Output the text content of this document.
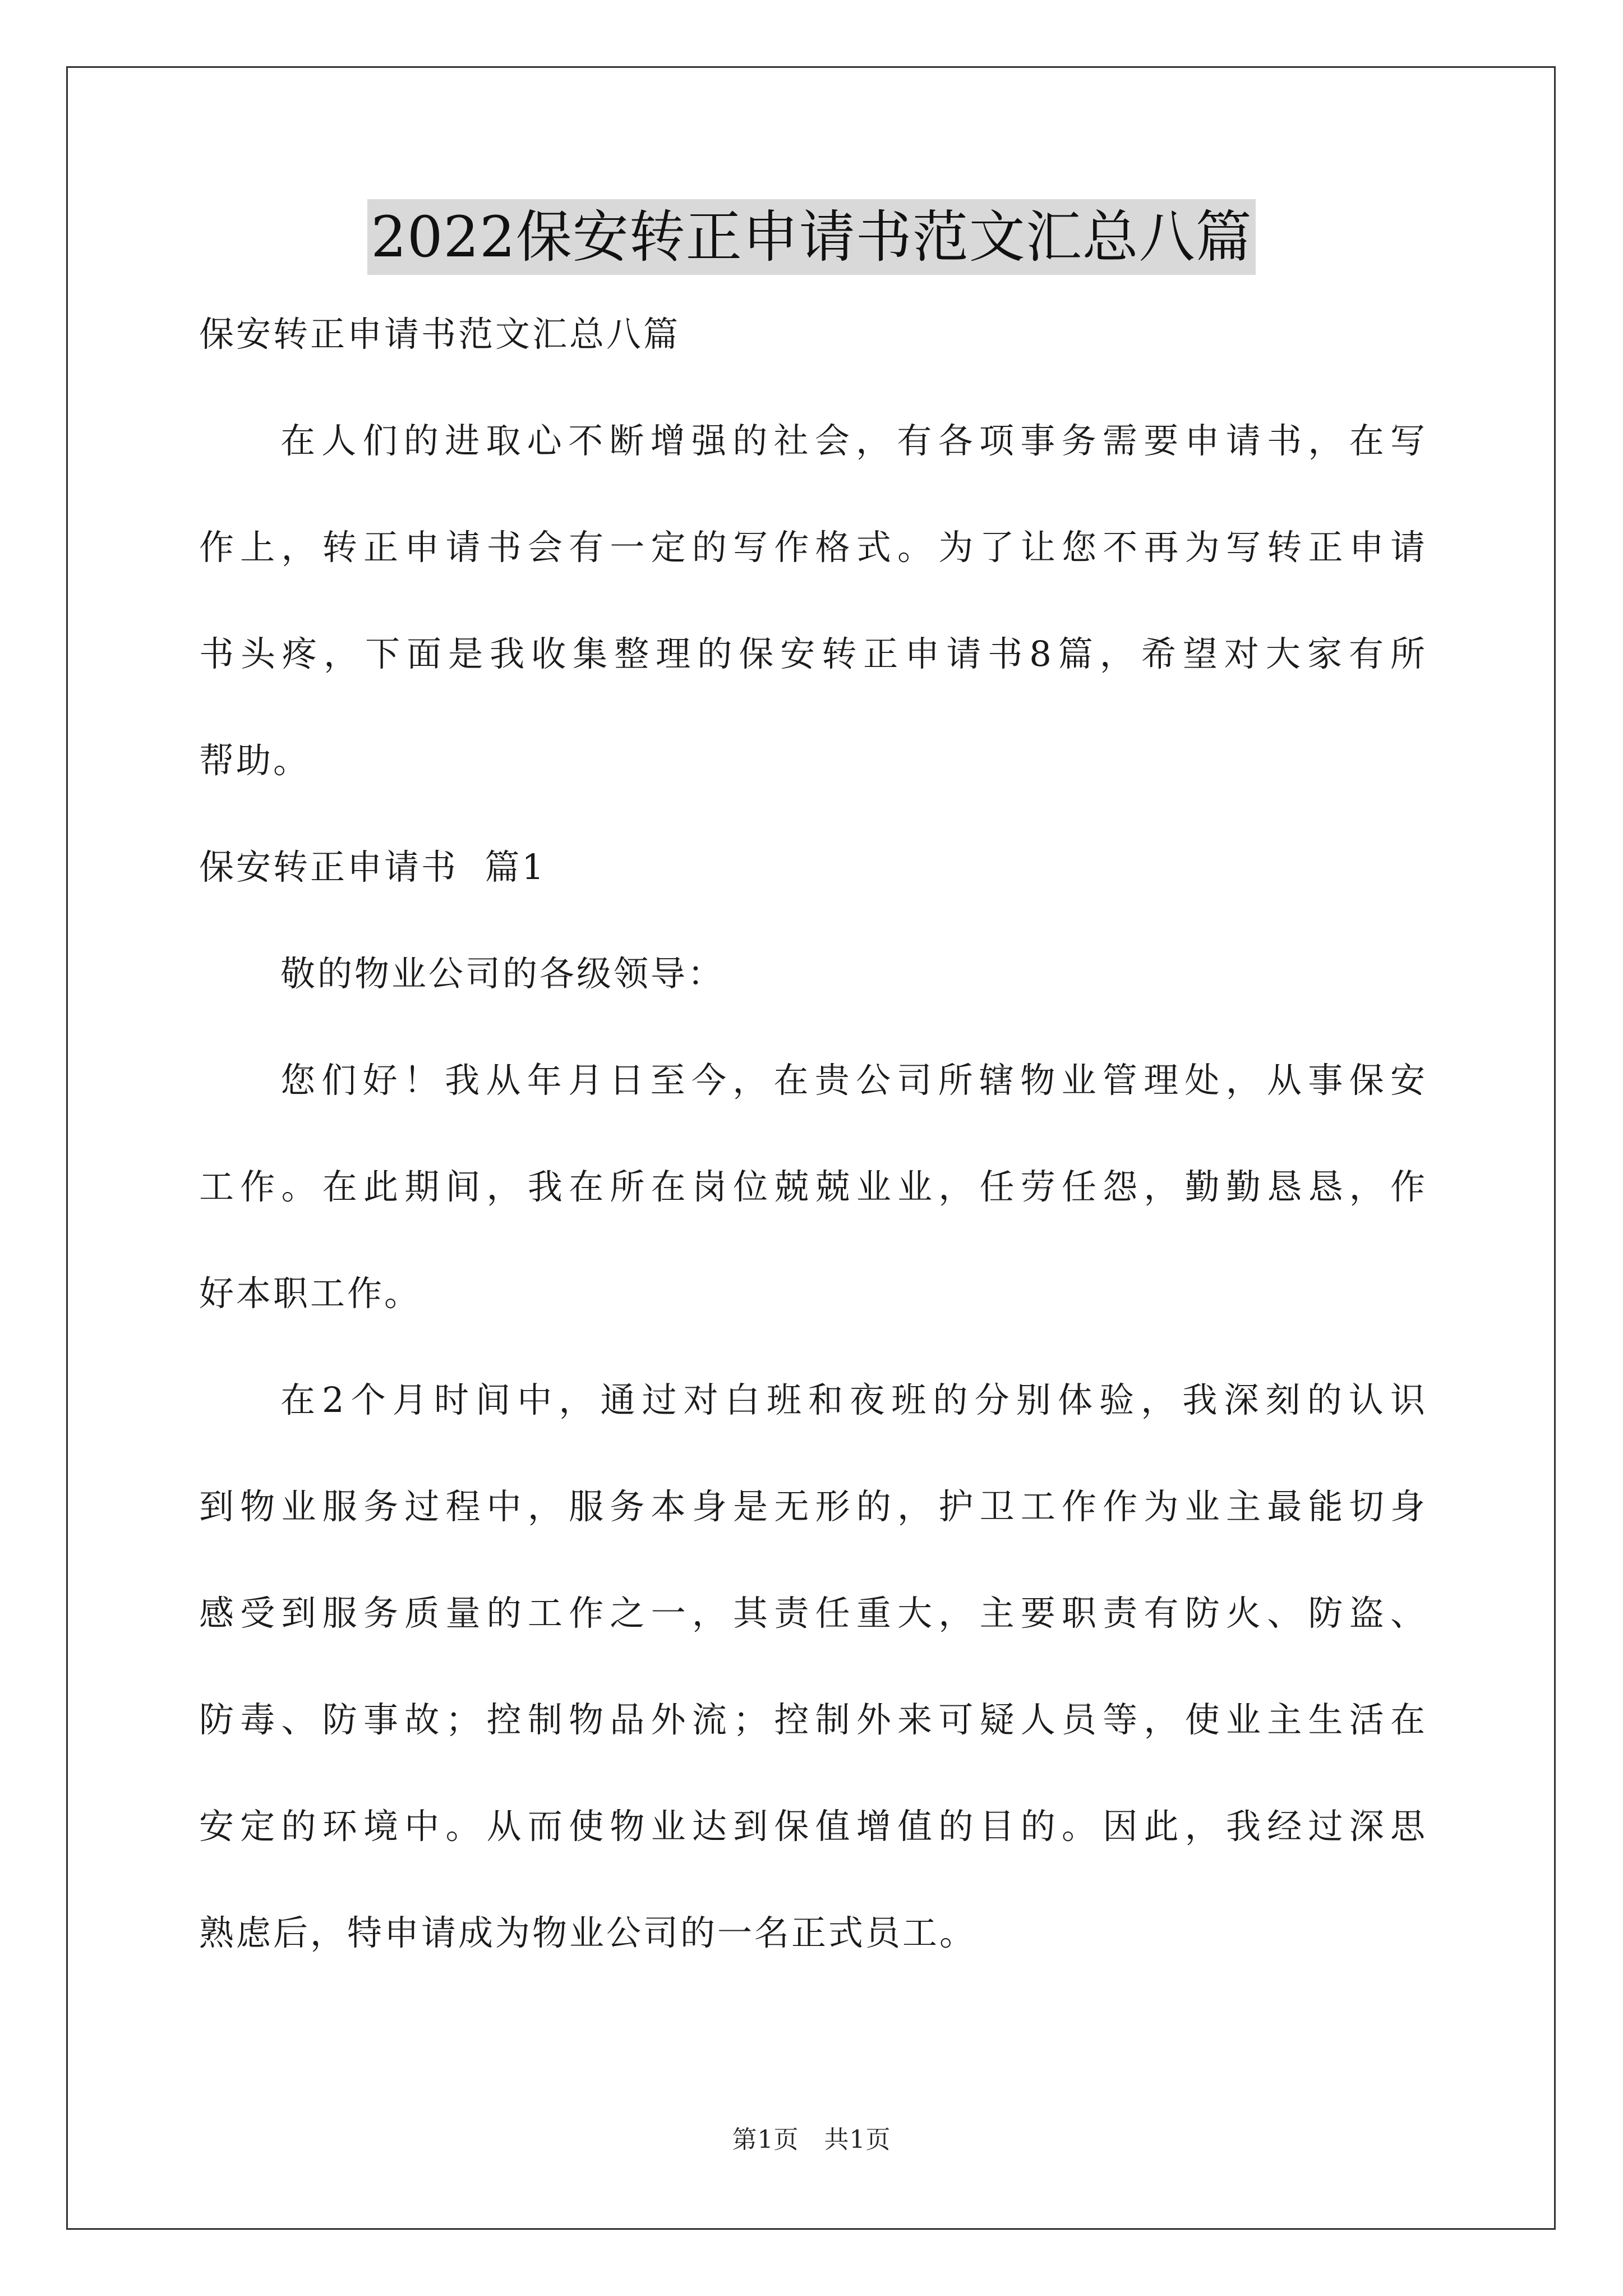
2022保安转正申请书范文汇总八篇

保安转正申请书范文汇总八篇

在人们的进取心不断增强的社会，有各项事务需要申请书，在写

作上，转正申请书会有一定的写作格式。为了让您不再为写转正申请

书头疼，下面是我收集整理的保安转正申请书8篇，希望对大家有所

帮助。

保安转正申请书  篇1

敬的物业公司的各级领导：

您们好！我从年月日至今，在贵公司所辖物业管理处，从事保安

工作。在此期间，我在所在岗位兢兢业业，任劳任怨，勤勤恳恳，作

好本职工作。

在2个月时间中，通过对白班和夜班的分别体验，我深刻的认识

到物业服务过程中，服务本身是无形的，护卫工作作为业主最能切身

感受到服务质量的工作之一，其责任重大，主要职责有防火、防盗、

防毒、防事故；控制物品外流；控制外来可疑人员等，使业主生活在

安定的环境中。从而使物业达到保值增值的目的。因此，我经过深思

熟虑后，特申请成为物业公司的一名正式员工。

第1页   共1页
